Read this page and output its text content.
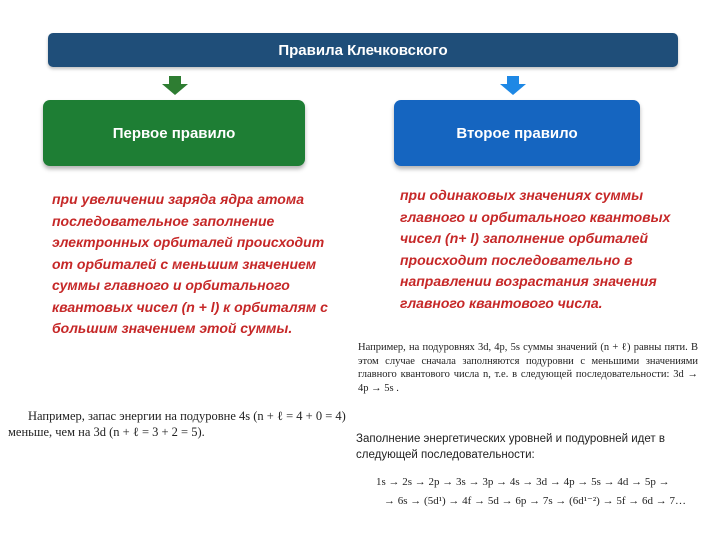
Правила Клечковского
Первое правило	Второе правило
при увеличении заряда ядра атома последовательное заполнение электронных орбиталей происходит от орбиталей с меньшим значением суммы главного и орбитального квантовых чисел (n + l) к орбиталям с большим значением этой суммы.
при одинаковых значениях суммы главного и орбитального квантовых чисел (n+ l) заполнение орбиталей происходит последовательно в направлении возрастания значения главного квантового числа.
Например, на подуровнях 3d, 4p, 5s суммы значений (n + ℓ) равны пяти. В этом случае сначала заполняются подуровни с меньшими значениями главного квантового числа n, т.е. в следующей последовательности: 3d → 4p → 5s .
Например, запас энергии на подуровне 4s (n + ℓ = 4 + 0 = 4)
меньше, чем на 3d (n + ℓ = 3 + 2 = 5).	Заполнение энергетических уровней и подуровней идет в следующей последовательности:
1s → 2s → 2p → 3s → 3p → 4s → 3d → 4p → 5s → 4d → 5p →
→ 6s → (5d¹) → 4f → 5d → 6p → 7s → (6d¹⁻²) → 5f → 6d → 7…
